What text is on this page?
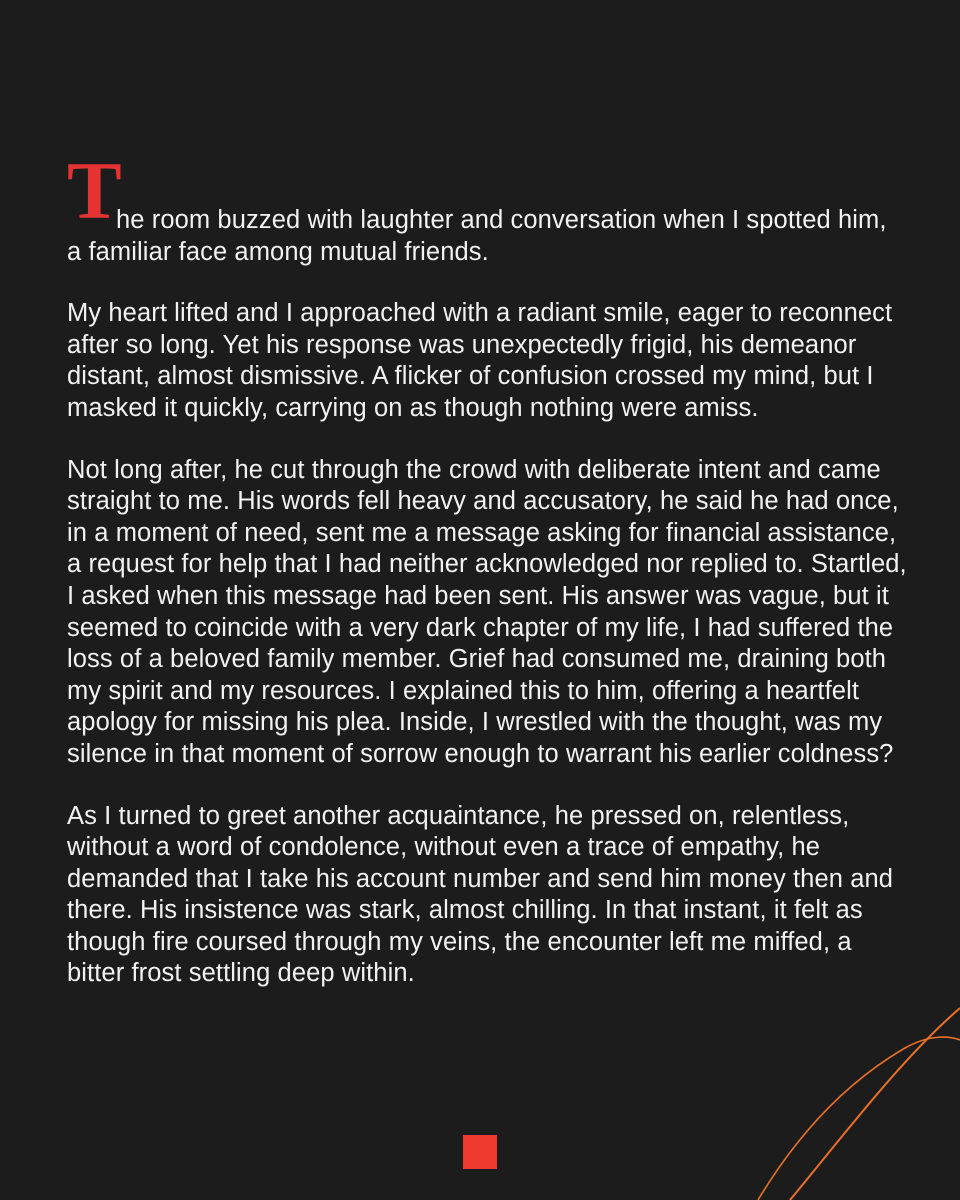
T

he room buzzed with laughter and conversation when I spotted him, a familiar face among mutual friends.

My heart lifted and I approached with a radiant smile, eager to reconnect after so long. Yet his response was unexpectedly frigid, his demeanor distant, almost dismissive. A flicker of confusion crossed my mind, but I masked it quickly, carrying on as though nothing were amiss.

Not long after, he cut through the crowd with deliberate intent and came straight to me. His words fell heavy and accusatory, he said he had once, in a moment of need, sent me a message asking for financial assistance, a request for help that I had neither acknowledged nor replied to. Startled, I asked when this message had been sent. His answer was vague, but it seemed to coincide with a very dark chapter of my life, I had suffered the loss of a beloved family member. Grief had consumed me, draining both my spirit and my resources. I explained this to him, offering a heartfelt apology for missing his plea. Inside, I wrestled with the thought, was my silence in that moment of sorrow enough to warrant his earlier coldness?

As I turned to greet another acquaintance, he pressed on, relentless, without a word of condolence, without even a trace of empathy, he demanded that I take his account number and send him money then and there. His insistence was stark, almost chilling. In that instant, it felt as though fire coursed through my veins, the encounter left me miffed, a bitter frost settling deep within.
